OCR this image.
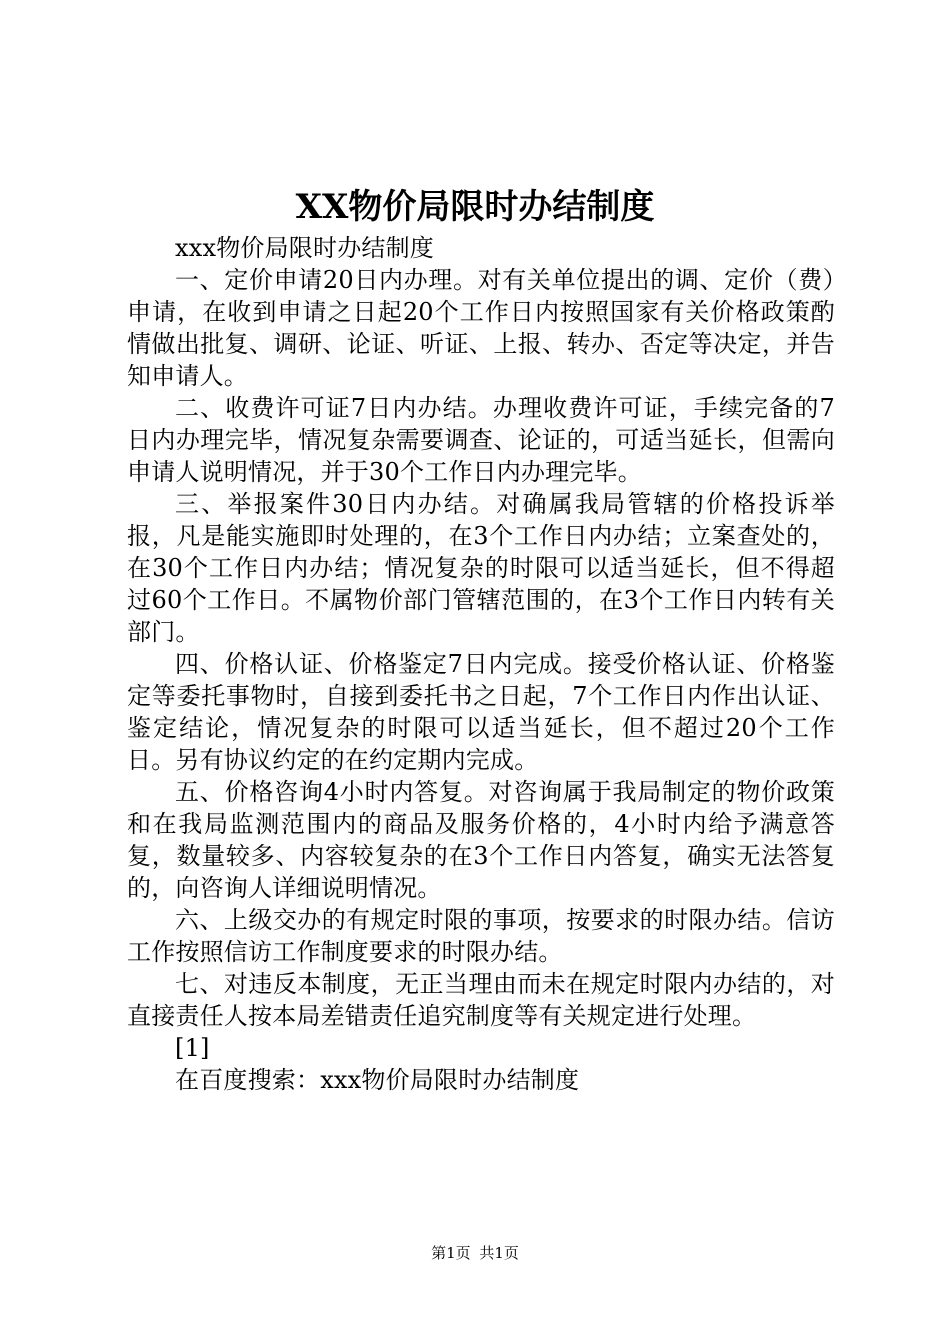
XX物价局限时办结制度

xxx物价局限时办结制度

一、定价申请20日内办理。对有关单位提出的调、定价（费）申请，在收到申请之日起20个工作日内按照国家有关价格政策酌情做出批复、调研、论证、听证、上报、转办、否定等决定，并告知申请人。

二、收费许可证7日内办结。办理收费许可证，手续完备的7日内办理完毕，情况复杂需要调查、论证的，可适当延长，但需向申请人说明情况，并于30个工作日内办理完毕。

三、举报案件30日内办结。对确属我局管辖的价格投诉举报，凡是能实施即时处理的，在3个工作日内办结；立案查处的，在30个工作日内办结；情况复杂的时限可以适当延长，但不得超过60个工作日。不属物价部门管辖范围的，在3个工作日内转有关部门。

四、价格认证、价格鉴定7日内完成。接受价格认证、价格鉴定等委托事物时，自接到委托书之日起，7个工作日内作出认证、鉴定结论，情况复杂的时限可以适当延长，但不超过20个工作日。另有协议约定的在约定期内完成。

五、价格咨询4小时内答复。对咨询属于我局制定的物价政策和在我局监测范围内的商品及服务价格的，4小时内给予满意答复，数量较多、内容较复杂的在3个工作日内答复，确实无法答复的，向咨询人详细说明情况。

六、上级交办的有规定时限的事项，按要求的时限办结。信访工作按照信访工作制度要求的时限办结。

七、对违反本制度，无正当理由而未在规定时限内办结的，对直接责任人按本局差错责任追究制度等有关规定进行处理。

[1]

在百度搜索：xxx物价局限时办结制度

第1页 共1页
